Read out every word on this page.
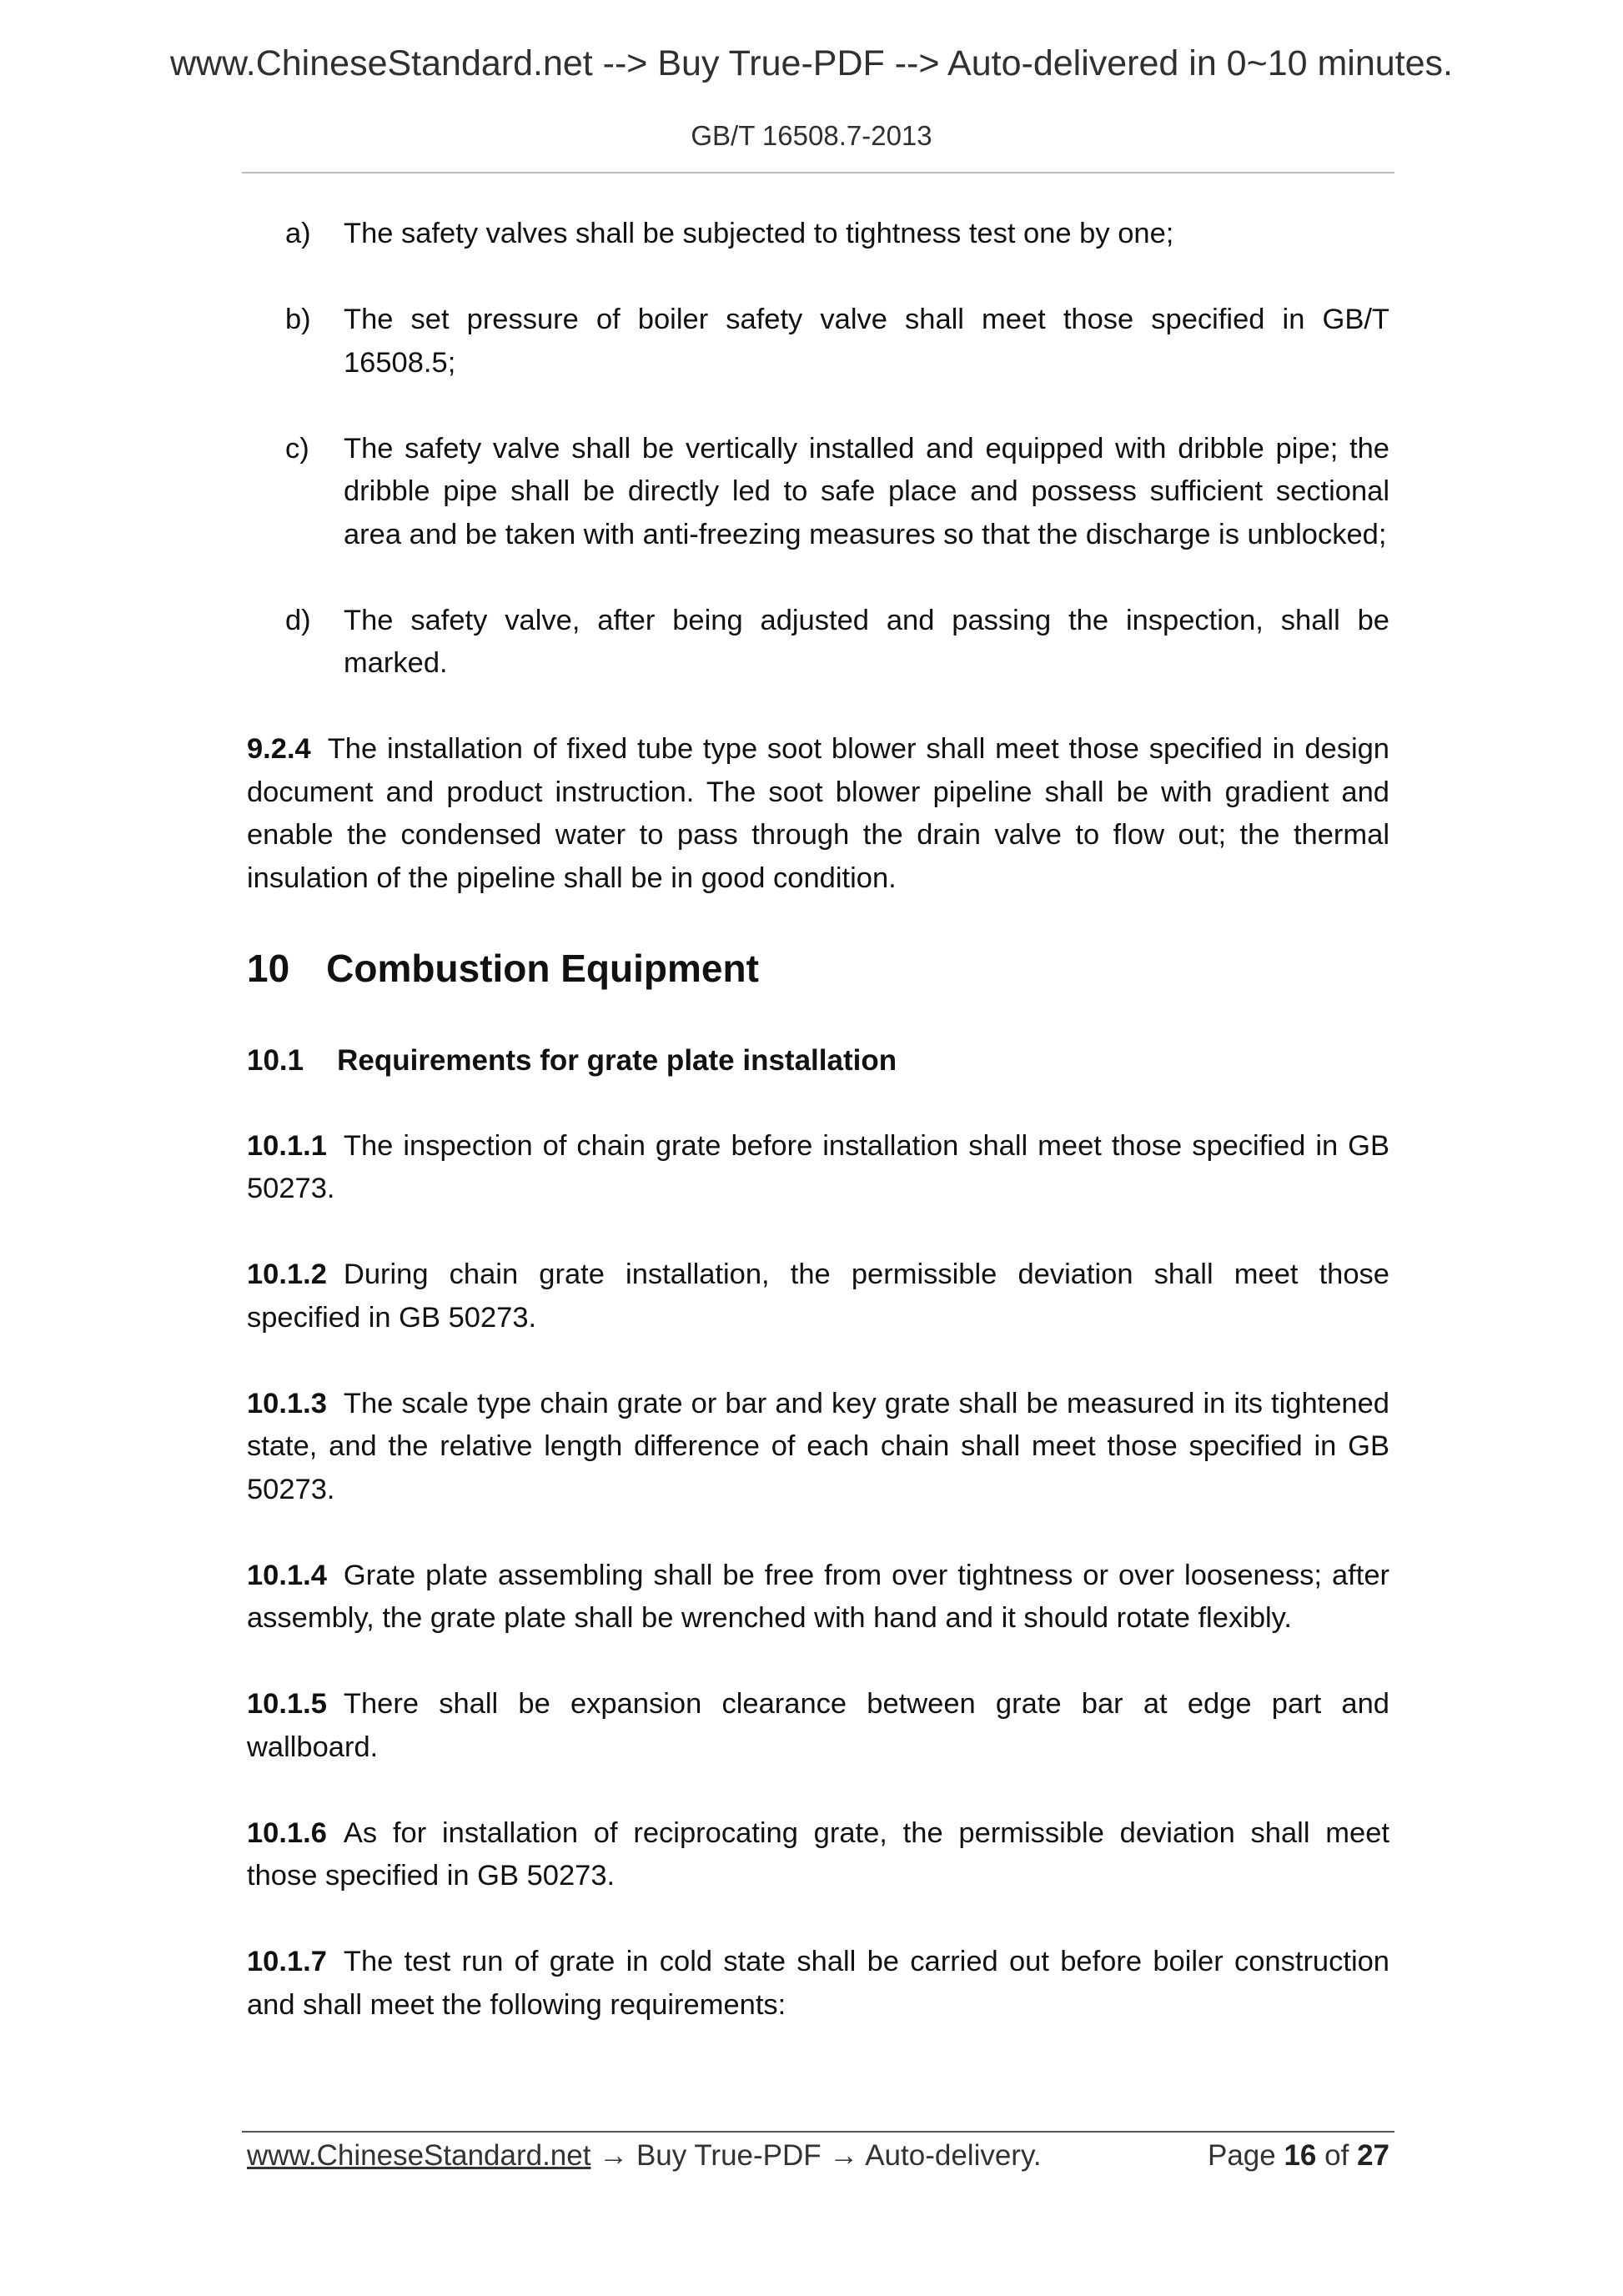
www.ChineseStandard.net --> Buy True-PDF --> Auto-delivered in 0~10 minutes.
GB/T 16508.7-2013
a) The safety valves shall be subjected to tightness test one by one;
b) The set pressure of boiler safety valve shall meet those specified in GB/T 16508.5;
c) The safety valve shall be vertically installed and equipped with dribble pipe; the dribble pipe shall be directly led to safe place and possess sufficient sectional area and be taken with anti-freezing measures so that the discharge is unblocked;
d) The safety valve, after being adjusted and passing the inspection, shall be marked.

9.2.4 The installation of fixed tube type soot blower shall meet those specified in design document and product instruction. The soot blower pipeline shall be with gradient and enable the condensed water to pass through the drain valve to flow out; the thermal insulation of the pipeline shall be in good condition.

10 Combustion Equipment
10.1 Requirements for grate plate installation

10.1.1 The inspection of chain grate before installation shall meet those specified in GB 50273.

10.1.2 During chain grate installation, the permissible deviation shall meet those specified in GB 50273.

10.1.3 The scale type chain grate or bar and key grate shall be measured in its tightened state, and the relative length difference of each chain shall meet those specified in GB 50273.

10.1.4 Grate plate assembling shall be free from over tightness or over looseness; after assembly, the grate plate shall be wrenched with hand and it should rotate flexibly.

10.1.5 There shall be expansion clearance between grate bar at edge part and wallboard.

10.1.6 As for installation of reciprocating grate, the permissible deviation shall meet those specified in GB 50273.

10.1.7 The test run of grate in cold state shall be carried out before boiler construction and shall meet the following requirements:

www.ChineseStandard.net → Buy True-PDF → Auto-delivery.	Page 16 of 27
